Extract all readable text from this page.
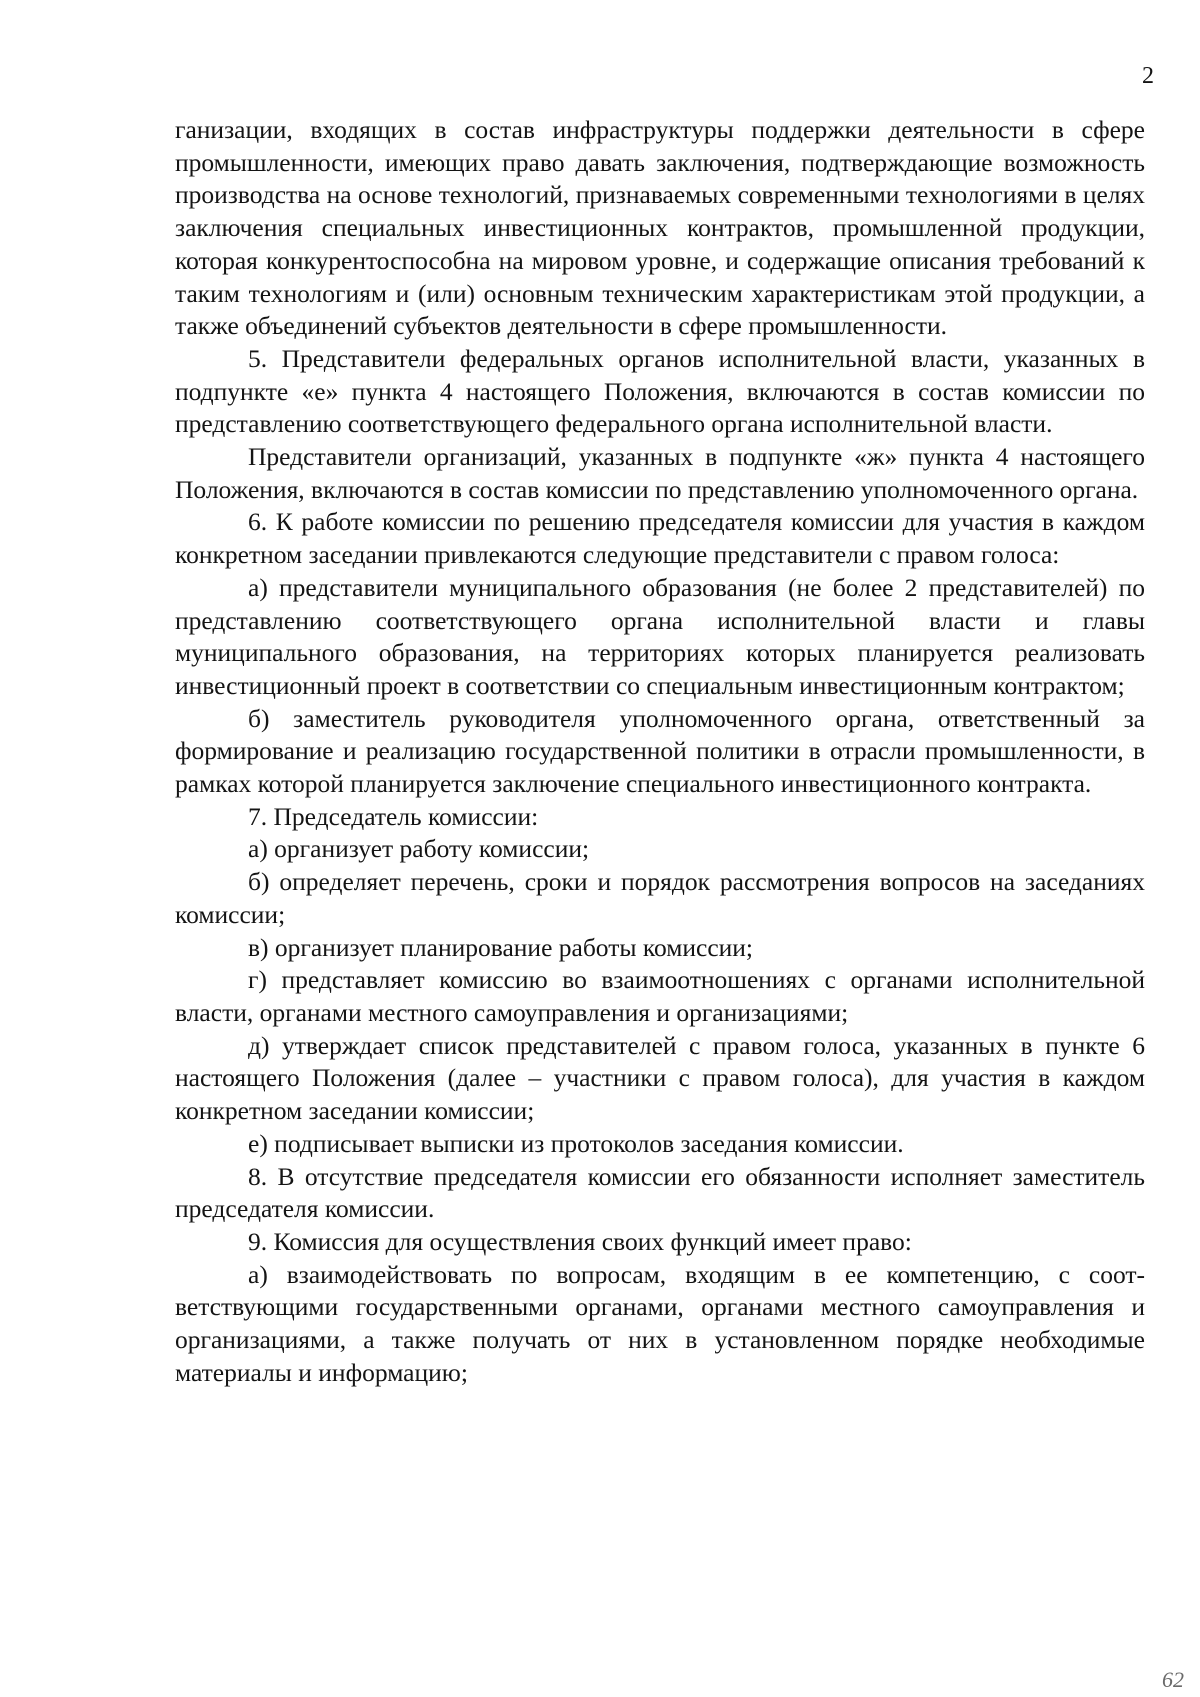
2

ганизации, входящих в состав инфраструктуры поддержки деятельности в сфере промышленности, имеющих право давать заключения, подтверждающие возможность производства на основе технологий, признаваемых современными технологиями в целях заключения специальных инвестиционных контрактов, промышленной продукции, которая конкурентоспособна на мировом уровне, и содержащие описания требований к таким технологиям и (или) основным техническим характеристикам этой продукции, а также объединений субъектов деятельности в сфере промышленности.

5. Представители федеральных органов исполнительной власти, указанных в подпункте «е» пункта 4 настоящего Положения, включаются в состав комиссии по представлению соответствующего федерального органа исполнительной власти.

Представители организаций, указанных в подпункте «ж» пункта 4 настоящего Положения, включаются в состав комиссии по представлению уполномоченного органа.

6. К работе комиссии по решению председателя комиссии для участия в каждом конкретном заседании привлекаются следующие представители с правом голоса:

а) представители муниципального образования (не более 2 представителей) по представлению соответствующего органа исполнительной власти и главы муниципального образования, на территориях которых планируется реализовать инвестиционный проект в соответствии со специальным инвестиционным контрактом;

б) заместитель руководителя уполномоченного органа, ответственный за формирование и реализацию государственной политики в отрасли промышленности, в рамках которой планируется заключение специального инвестиционного контракта.

7. Председатель комиссии:

а) организует работу комиссии;

б) определяет перечень, сроки и порядок рассмотрения вопросов на заседаниях комиссии;

в) организует планирование работы комиссии;

г) представляет комиссию во взаимоотношениях с органами исполнительной власти, органами местного самоуправления и организациями;

д) утверждает список представителей с правом голоса, указанных в пункте 6 настоящего Положения (далее – участники с правом голоса), для участия в каждом конкретном заседании комиссии;

е) подписывает выписки из протоколов заседания комиссии.

8. В отсутствие председателя комиссии его обязанности исполняет заместитель председателя комиссии.

9. Комиссия для осуществления своих функций имеет право:

а) взаимодействовать по вопросам, входящим в ее компетенцию, с соответствующими государственными органами, органами местного самоуправления и организациями, а также получать от них в установленном порядке необходимые материалы и информацию;

62
